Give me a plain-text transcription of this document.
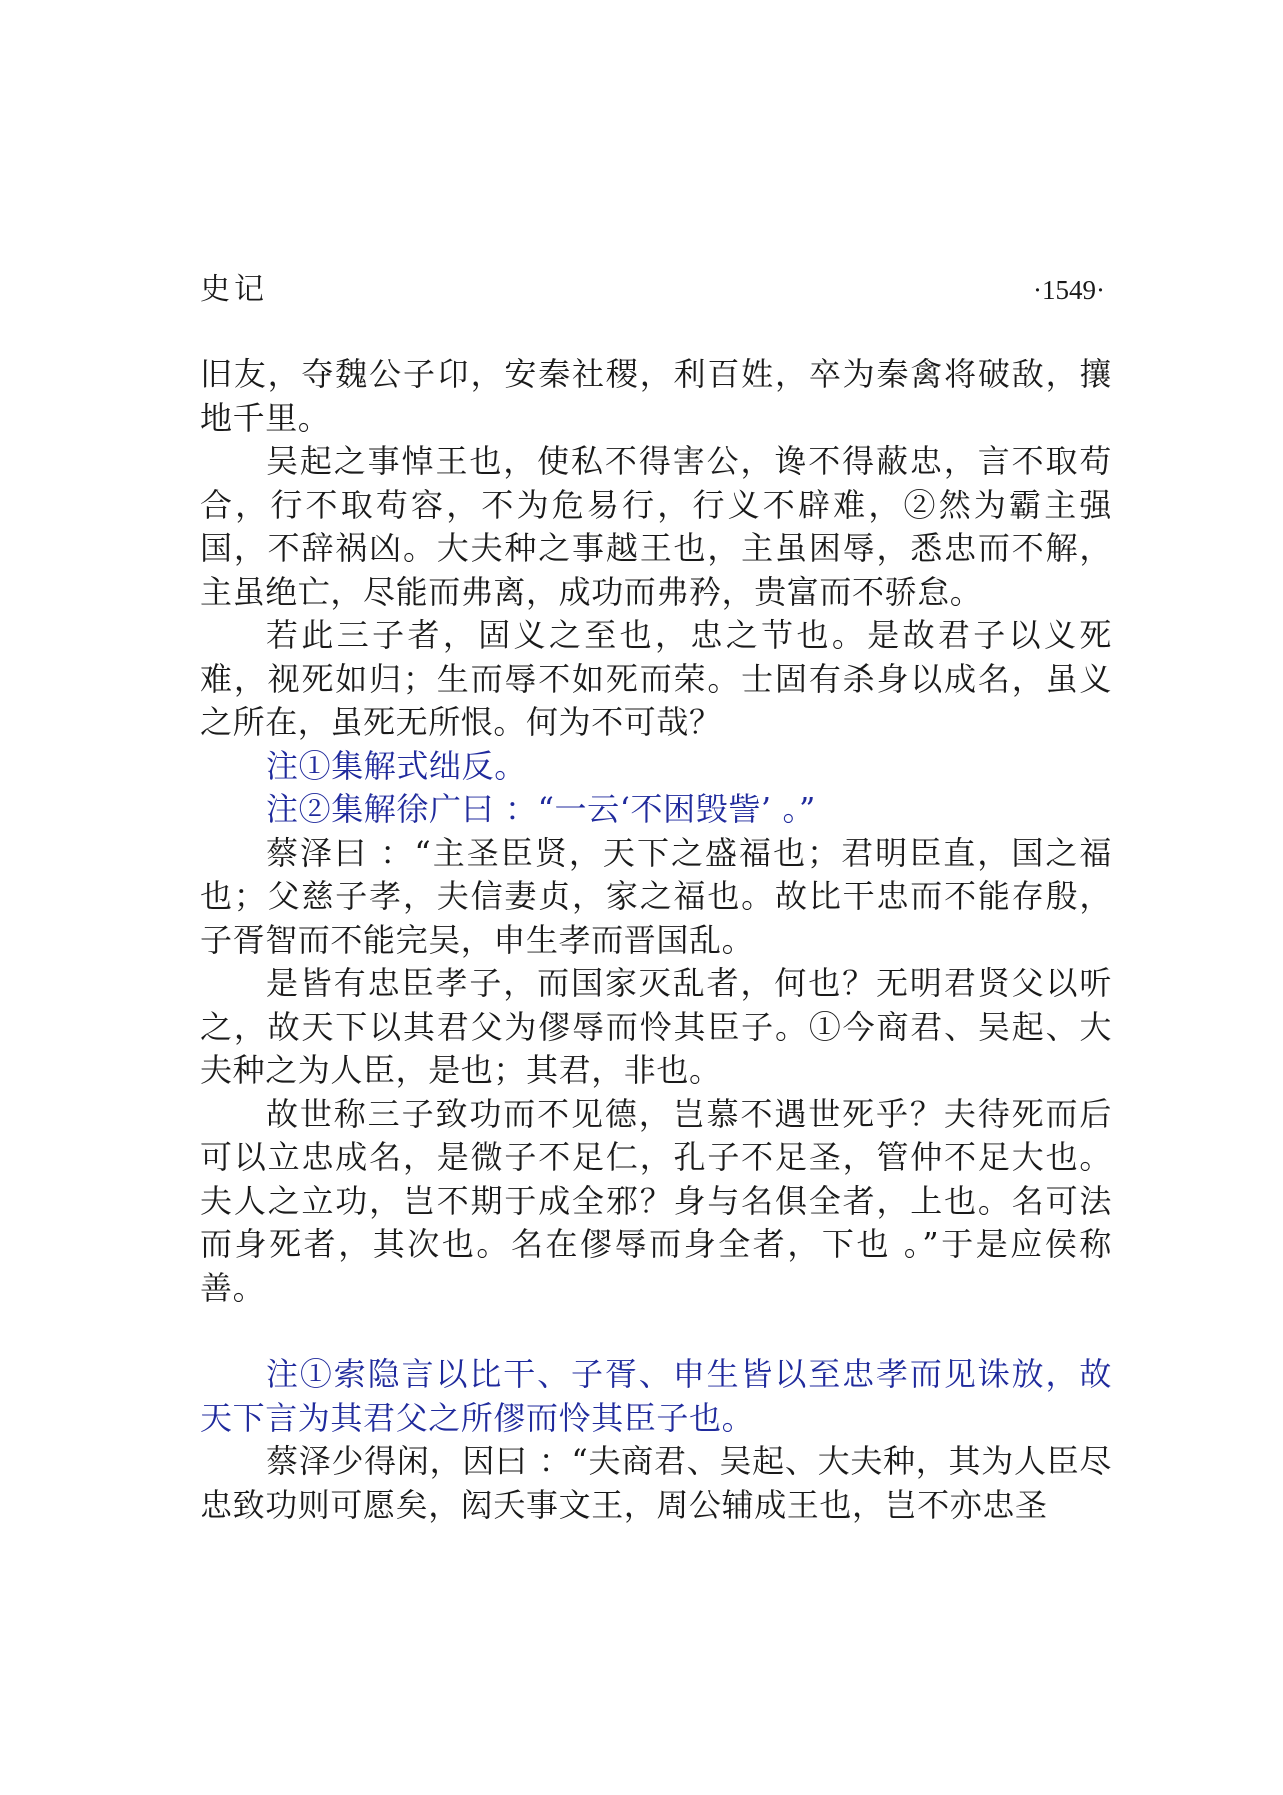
史记	·1549·

旧友，夺魏公子卬，安秦社稷，利百姓，卒为秦禽将破敌，攘地千里。

吴起之事悼王也，使私不得害公，谗不得蔽忠，言不取苟合，行不取苟容，不为危易行，行义不辟难，②然为霸主强国，不辞祸凶。大夫种之事越王也，主虽困辱，悉忠而不解，主虽绝亡，尽能而弗离，成功而弗矜，贵富而不骄怠。

若此三子者，固义之至也，忠之节也。是故君子以义死难，视死如归；生而辱不如死而荣。士固有杀身以成名，虽义之所在，虽死无所恨。何为不可哉？

注①集解式绌反。

注②集解徐广曰 ：“一云‘不困毁訾’ 。”

蔡泽曰 ：“主圣臣贤，天下之盛福也；君明臣直，国之福也；父慈子孝，夫信妻贞，家之福也。故比干忠而不能存殷，子胥智而不能完吴，申生孝而晋国乱。

是皆有忠臣孝子，而国家灭乱者，何也？无明君贤父以听之，故天下以其君父为僇辱而怜其臣子。①今商君、吴起、大夫种之为人臣，是也；其君，非也。

故世称三子致功而不见德，岂慕不遇世死乎？夫待死而后可以立忠成名，是微子不足仁，孔子不足圣，管仲不足大也。夫人之立功，岂不期于成全邪？身与名俱全者，上也。名可法而身死者，其次也。名在僇辱而身全者，下也 。”于是应侯称善。

注①索隐言以比干、子胥、申生皆以至忠孝而见诛放，故天下言为其君父之所僇而怜其臣子也。

蔡泽少得闲，因曰 ：“夫商君、吴起、大夫种，其为人臣尽忠致功则可愿矣，闳夭事文王，周公辅成王也，岂不亦忠圣
